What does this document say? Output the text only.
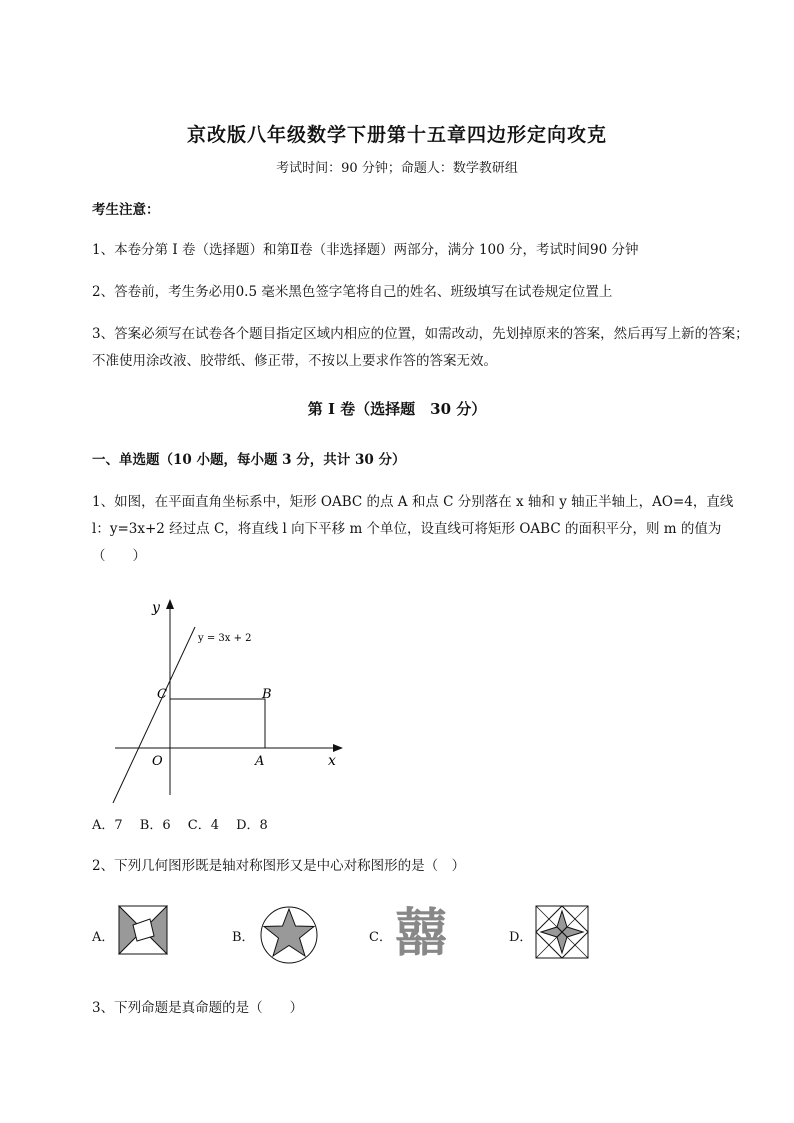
京改版八年级数学下册第十五章四边形定向攻克
考试时间：90 分钟；命题人：数学教研组
考生注意：
1、本卷分第 I 卷（选择题）和第Ⅱ卷（非选择题）两部分，满分 100 分，考试时间90 分钟
2、答卷前，考生务必用0.5 毫米黑色签字笔将自己的姓名、班级填写在试卷规定位置上
3、答案必须写在试卷各个题目指定区域内相应的位置，如需改动，先划掉原来的答案，然后再写上新的答案；不准使用涂改液、胶带纸、修正带，不按以上要求作答的答案无效。
第 I 卷（选择题　30 分）
一、单选题（10 小题，每小题 3 分，共计 30 分）
1、如图，在平面直角坐标系中，矩形 OABC 的点 A 和点 C 分别落在 x 轴和 y 轴正半轴上，AO=4，直线 l：y=3x+2 经过点 C，将直线 l 向下平移 m 个单位，设直线可将矩形 OABC 的面积平分，则 m 的值为（　　）
y = 3x + 2
y
x
O	A
B
C
A．7　 B．6　 C．4　 D．8
2、下列几何图形既是轴对称图形又是中心对称图形的是（　）
A．	B．	C． 囍	D．
3、下列命题是真命题的是（　　）
